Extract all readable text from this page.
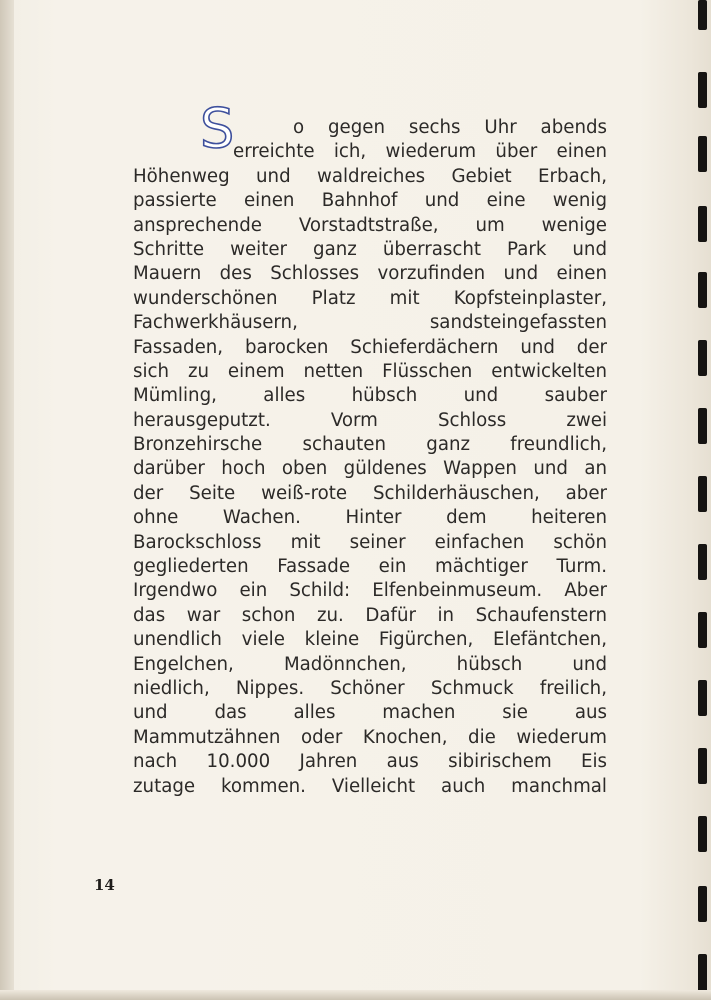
S	o gegen sechs Uhr abends
erreichte ich, wiederum über einen
Höhenweg und waldreiches Gebiet Erbach,
passierte einen Bahnhof und eine wenig
ansprechende Vorstadtstraße, um wenige
Schritte weiter ganz überrascht Park und
Mauern des Schlosses vorzufinden und einen
wunderschönen Platz mit Kopfsteinplaster,
Fachwerkhäusern, sandsteingefassten
Fassaden, barocken Schieferdächern und der
sich zu einem netten Flüsschen entwickelten
Mümling, alles hübsch und sauber
herausgeputzt. Vorm Schloss zwei
Bronzehirsche schauten ganz freundlich,
darüber hoch oben güldenes Wappen und an
der Seite weiß-rote Schilderhäuschen, aber
ohne Wachen. Hinter dem heiteren
Barockschloss mit seiner einfachen schön
gegliederten Fassade ein mächtiger Turm.
Irgendwo ein Schild: Elfenbeinmuseum. Aber
das war schon zu. Dafür in Schaufenstern
unendlich viele kleine Figürchen, Elefäntchen,
Engelchen, Madönnchen, hübsch und
niedlich, Nippes. Schöner Schmuck freilich,
und das alles machen sie aus
Mammutzähnen oder Knochen, die wiederum
nach 10.000 Jahren aus sibirischem Eis
zutage kommen. Vielleicht auch manchmal
14
